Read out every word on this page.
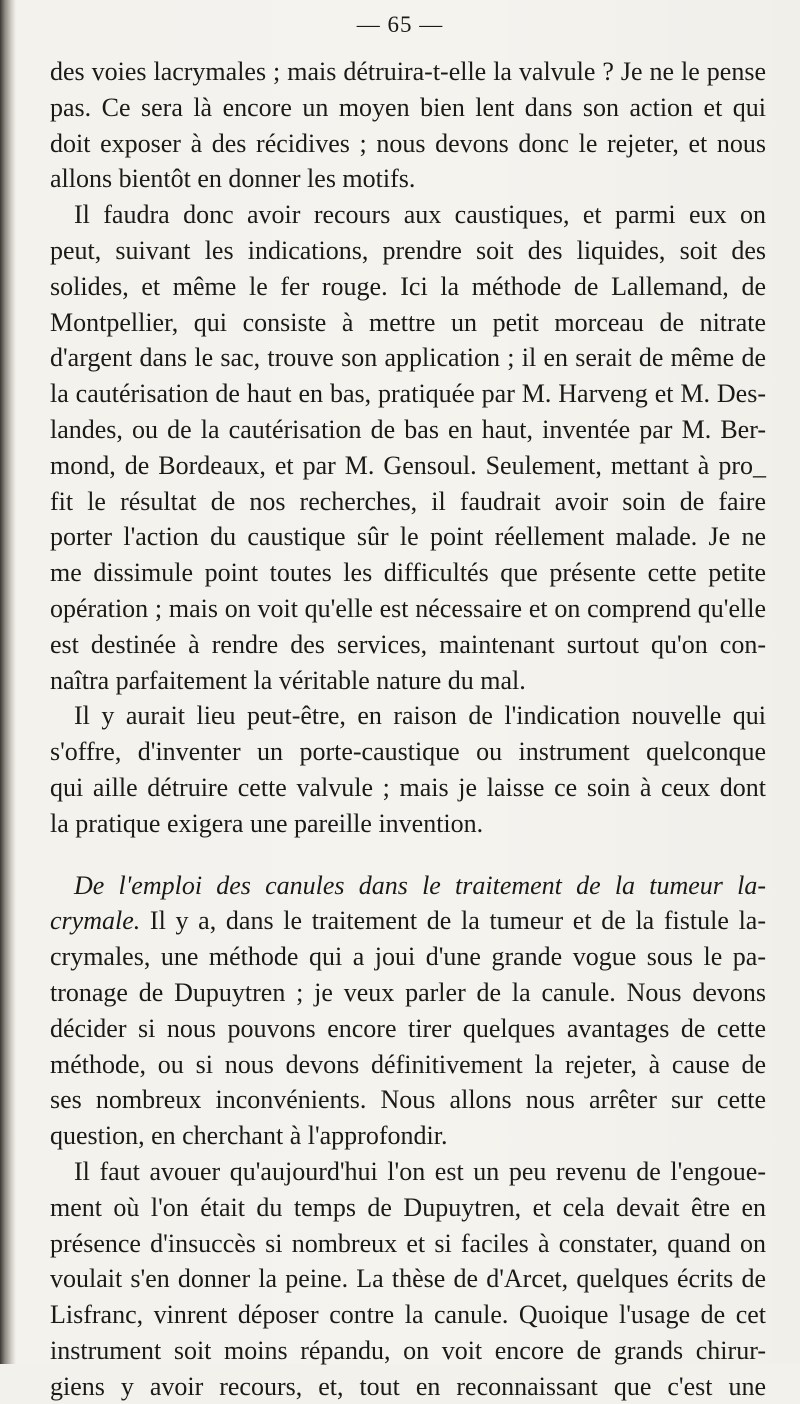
— 65 —

des voies lacrymales ; mais détruira-t-elle la valvule ? Je ne le pense
pas. Ce sera là encore un moyen bien lent dans son action et qui
doit exposer à des récidives ; nous devons donc le rejeter, et nous
allons bientôt en donner les motifs.

Il faudra donc avoir recours aux caustiques, et parmi eux on
peut, suivant les indications, prendre soit des liquides, soit des
solides, et même le fer rouge. Ici la méthode de Lallemand, de
Montpellier, qui consiste à mettre un petit morceau de nitrate
d'argent dans le sac, trouve son application ; il en serait de même de
la cautérisation de haut en bas, pratiquée par M. Harveng et M. Des-
landes, ou de la cautérisation de bas en haut, inventée par M. Ber-
mond, de Bordeaux, et par M. Gensoul. Seulement, mettant à pro_
fit le résultat de nos recherches, il faudrait avoir soin de faire
porter l'action du caustique sûr le point réellement malade. Je ne
me dissimule point toutes les difficultés que présente cette petite
opération ; mais on voit qu'elle est nécessaire et on comprend qu'elle
est destinée à rendre des services, maintenant surtout qu'on con-
naîtra parfaitement la véritable nature du mal.

Il y aurait lieu peut-être, en raison de l'indication nouvelle qui
s'offre, d'inventer un porte-caustique ou instrument quelconque
qui aille détruire cette valvule ; mais je laisse ce soin à ceux dont
la pratique exigera une pareille invention.

De l'emploi des canules dans le traitement de la tumeur la-
crymale. Il y a, dans le traitement de la tumeur et de la fistule la-
crymales, une méthode qui a joui d'une grande vogue sous le pa-
tronage de Dupuytren ; je veux parler de la canule. Nous devons
décider si nous pouvons encore tirer quelques avantages de cette
méthode, ou si nous devons définitivement la rejeter, à cause de
ses nombreux inconvénients. Nous allons nous arrêter sur cette
question, en cherchant à l'approfondir.

Il faut avouer qu'aujourd'hui l'on est un peu revenu de l'engoue-
ment où l'on était du temps de Dupuytren, et cela devait être en
présence d'insuccès si nombreux et si faciles à constater, quand on
voulait s'en donner la peine. La thèse de d'Arcet, quelques écrits de
Lisfranc, vinrent déposer contre la canule. Quoique l'usage de cet
instrument soit moins répandu, on voit encore de grands chirur-
giens y avoir recours, et, tout en reconnaissant que c'est une
